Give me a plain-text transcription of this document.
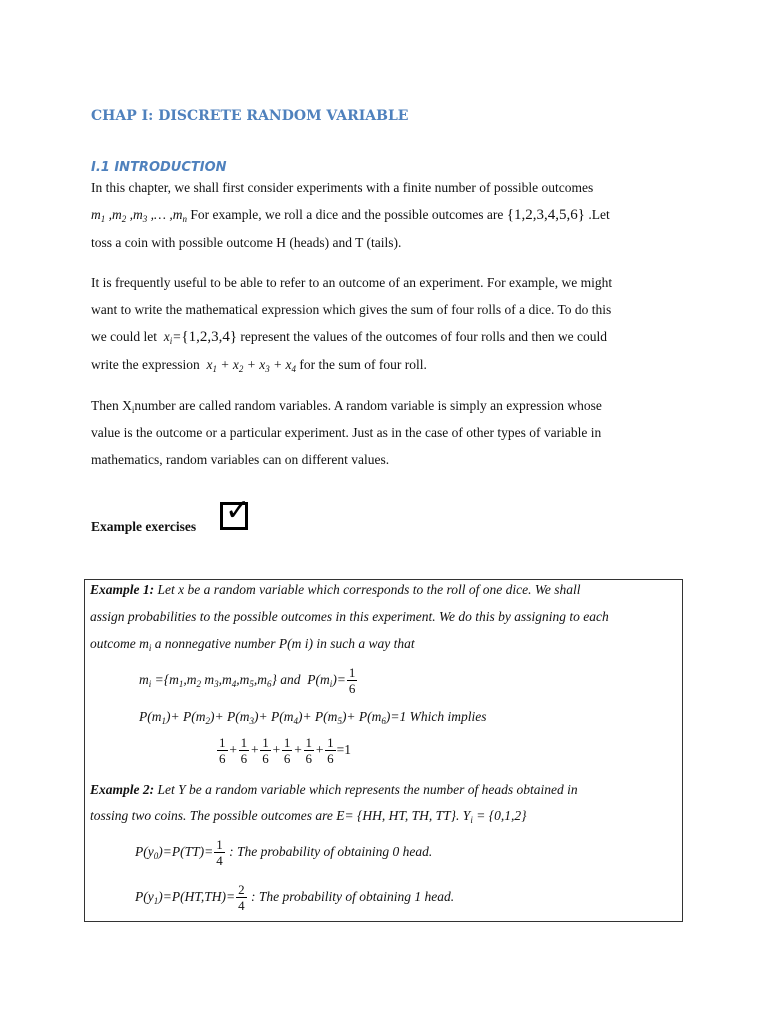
CHAP I: DISCRETE RANDOM VARIABLE
I.1 INTRODUCTION
In this chapter, we shall first consider experiments with a finite number of possible outcomes
$m_1$ $,m_2$ $,m_3$ ,… $,m_n$ For example, we roll a dice and the possible outcomes are {1,2,3,4,5,6} .Let
toss a coin with possible outcome H (heads) and T (tails).
It is frequently useful to be able to refer to an outcome of an experiment. For example, we might
want to write the mathematical expression which gives the sum of four rolls of a dice. To do this
we could let $x_i=\{1,2,3,4\}$ represent the values of the outcomes of four rolls and then we could
write the expression $x_1 + x_2 + x_3 + x_4$ for the sum of four roll.
Then $X_inumber$ are called random variables. A random variable is simply an expression whose
value is the outcome or a particular experiment. Just as in the case of other types of variable in
mathematics, random variables can on different values.
Example exercises ✓
Example 1: Let x be a random variable which corresponds to the roll of one dice. We shall
assign probabilities to the possible outcomes in this experiment. We do this by assigning to each
outcome $m_i$ a nonnegative number P(m i) in such a way that
$m_i =\{m_1,m_2$ $m_3,m_4,m_5,m_6$} and  $P(m_i)= \frac{1}{6}$
$P(m_1)+ P(m_2)+ P(m_3)+ P(m_4)+ P(m_5)+ P(m_6)=1$ Which implies
$\frac{1}{6} + \frac{1}{6} + \frac{1}{6} + \frac{1}{6} + \frac{1}{6} + \frac{1}{6} =1$
Example 2: Let Y be a random variable which represents the number of heads obtained in
tossing two coins. The possible outcomes are E= {HH, HT, TH, TT}. $Y_i = \{0,1,2\}$
$P(y_0)=P(TT)= \frac{1}{4}$ : The probability of obtaining 0 head.
$P(y_1)=P(HT,TH)= \frac{2}{4}$ : The probability of obtaining 1 head.
